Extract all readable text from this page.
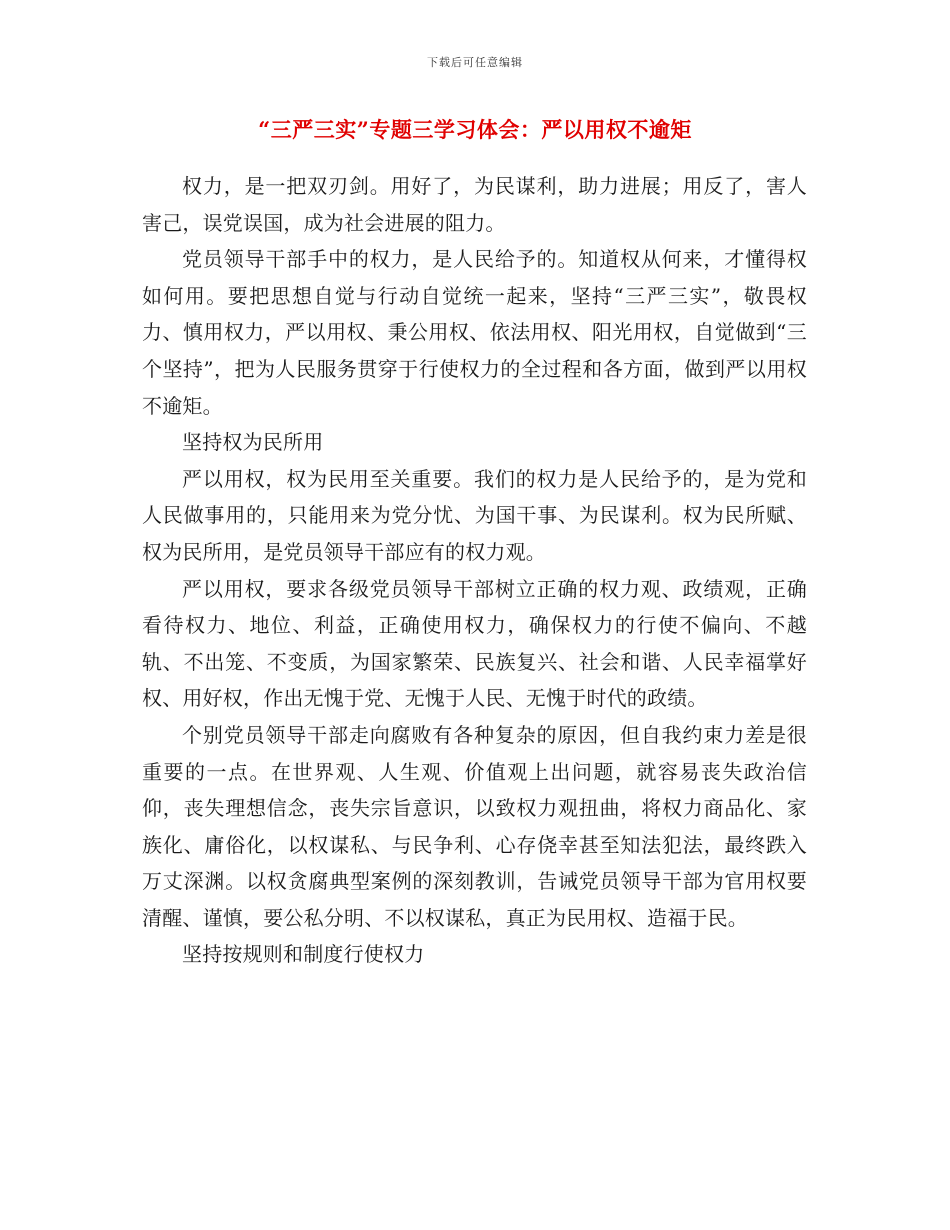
下载后可任意编辑
“三严三实”专题三学习体会：严以用权不逾矩

权力，是一把双刃剑。用好了，为民谋利，助力进展；用反了，害人害己，误党误国，成为社会进展的阻力。

党员领导干部手中的权力，是人民给予的。知道权从何来，才懂得权如何用。要把思想自觉与行动自觉统一起来，坚持“三严三实”，敬畏权力、慎用权力，严以用权、秉公用权、依法用权、阳光用权，自觉做到“三个坚持”，把为人民服务贯穿于行使权力的全过程和各方面，做到严以用权不逾矩。

坚持权为民所用

严以用权，权为民用至关重要。我们的权力是人民给予的，是为党和人民做事用的，只能用来为党分忧、为国干事、为民谋利。权为民所赋、权为民所用，是党员领导干部应有的权力观。

严以用权，要求各级党员领导干部树立正确的权力观、政绩观，正确看待权力、地位、利益，正确使用权力，确保权力的行使不偏向、不越轨、不出笼、不变质，为国家繁荣、民族复兴、社会和谐、人民幸福掌好权、用好权，作出无愧于党、无愧于人民、无愧于时代的政绩。

个别党员领导干部走向腐败有各种复杂的原因，但自我约束力差是很重要的一点。在世界观、人生观、价值观上出问题，就容易丧失政治信仰，丧失理想信念，丧失宗旨意识，以致权力观扭曲，将权力商品化、家族化、庸俗化，以权谋私、与民争利、心存侥幸甚至知法犯法，最终跌入万丈深渊。以权贪腐典型案例的深刻教训，告诫党员领导干部为官用权要清醒、谨慎，要公私分明、不以权谋私，真正为民用权、造福于民。

坚持按规则和制度行使权力
